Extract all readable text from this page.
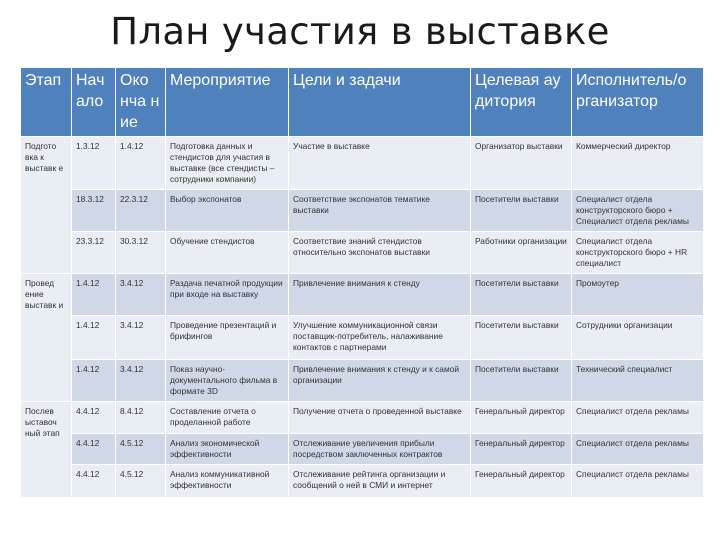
План участия в выставке
Этап	Нач ало	Око нча ние	Мероприятие	Цели и задачи	Целевая аудитория	Исполнитель/о рганизатор
Подгото вка к выставк е	1.3.12	1.4.12	Подготовка данных и стендистов для участия в выставке (все стендисты – сотрудники компании)	Участие в выставке	Организатор выставки	Коммерческий директор
	18.3.12	22.3.12	Выбор экспонатов	Соответствие экспонатов тематике выставки	Посетители выставки	Специалист отдела конструкторского бюро + Специалист отдела рекламы
	23.3.12	30.3.12	Обучение стендистов	Соответствие знаний стендистов относительно экспонатов выставки	Работники организации	Специалист отдела конструкторского бюро + HR специалист
Провед ение выставк и	1.4.12	3.4.12	Раздача печатной продукции при входе на выставку	Привлечение внимания к стенду	Посетители выставки	Промоутер
	1.4.12	3.4.12	Проведение презентаций и брифингов	Улучшение коммуникационной связи поставщик-потребитель, налаживание контактов с партнерами	Посетители выставки	Сотрудники организации
	1.4.12	3.4.12	Показ научно-документального фильма в формате 3D	Привлечение внимания к стенду и к самой организации	Посетители выставки	Технический специалист
Послев ыставоч ный этап	4.4.12	8.4.12	Составление отчета о проделанной работе	Получение отчета о проведенной выставке	Генеральный директор	Специалист отдела рекламы
	4.4.12	4.5.12	Анализ экономической эффективности	Отслеживание увеличения прибыли посредством заключенных контрактов	Генеральный директор	Специалист отдела рекламы
	4.4.12	4.5.12	Анализ коммуникативной эффективности	Отслеживание рейтинга организации и сообщений о ней в СМИ и интернет	Генеральный директор	Специалист отдела рекламы
